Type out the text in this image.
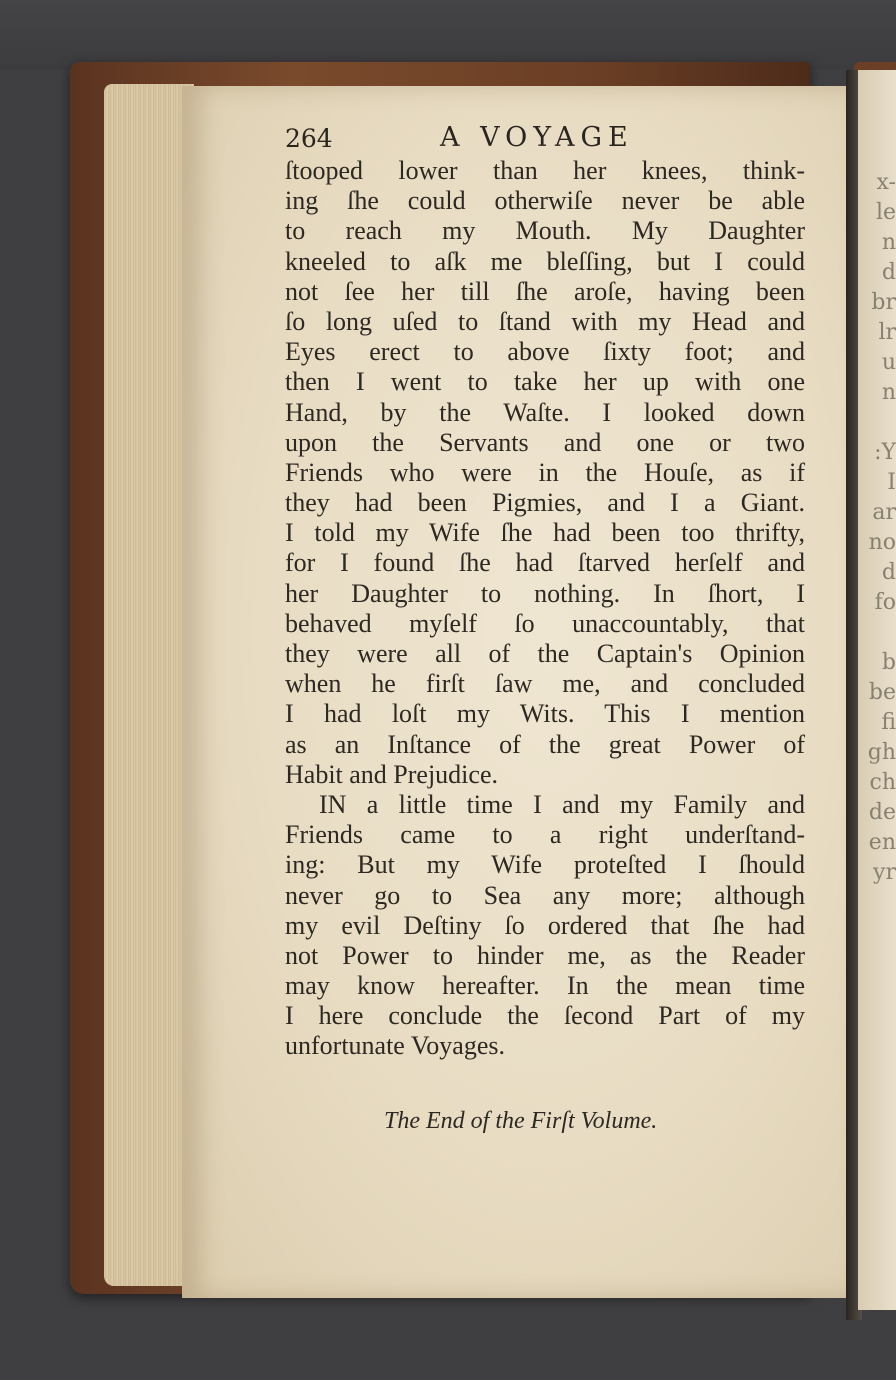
x-
le
n
d
br
lr
u
n
:Y
I
ar
no
d
fo
b
be
fi
gh
ch
de
en
yr
264	A VOYAGE
ſtooped lower than her knees, think-
ing ſhe could otherwiſe never be able
to reach my Mouth. My Daughter
kneeled to aſk me bleſſing, but I could
not ſee her till ſhe aroſe, having been
ſo long uſed to ſtand with my Head and
Eyes erect to above ſixty foot; and
then I went to take her up with one
Hand, by the Waſte. I looked down
upon the Servants and one or two
Friends who were in the Houſe, as if
they had been Pigmies, and I a Giant.
I told my Wife ſhe had been too thrifty,
for I found ſhe had ſtarved herſelf and
her Daughter to nothing. In ſhort, I
behaved myſelf ſo unaccountably, that
they were all of the Captain's Opinion
when he firſt ſaw me, and concluded
I had loſt my Wits. This I mention
as an Inſtance of the great Power of
Habit and Prejudice.
IN a little time I and my Family and
Friends came to a right underſtand-
ing: But my Wife proteſted I ſhould
never go to Sea any more; although
my evil Deſtiny ſo ordered that ſhe had
not Power to hinder me, as the Reader
may know hereafter. In the mean time
I here conclude the ſecond Part of my
unfortunate Voyages.
The End of the Firſt Volume.
